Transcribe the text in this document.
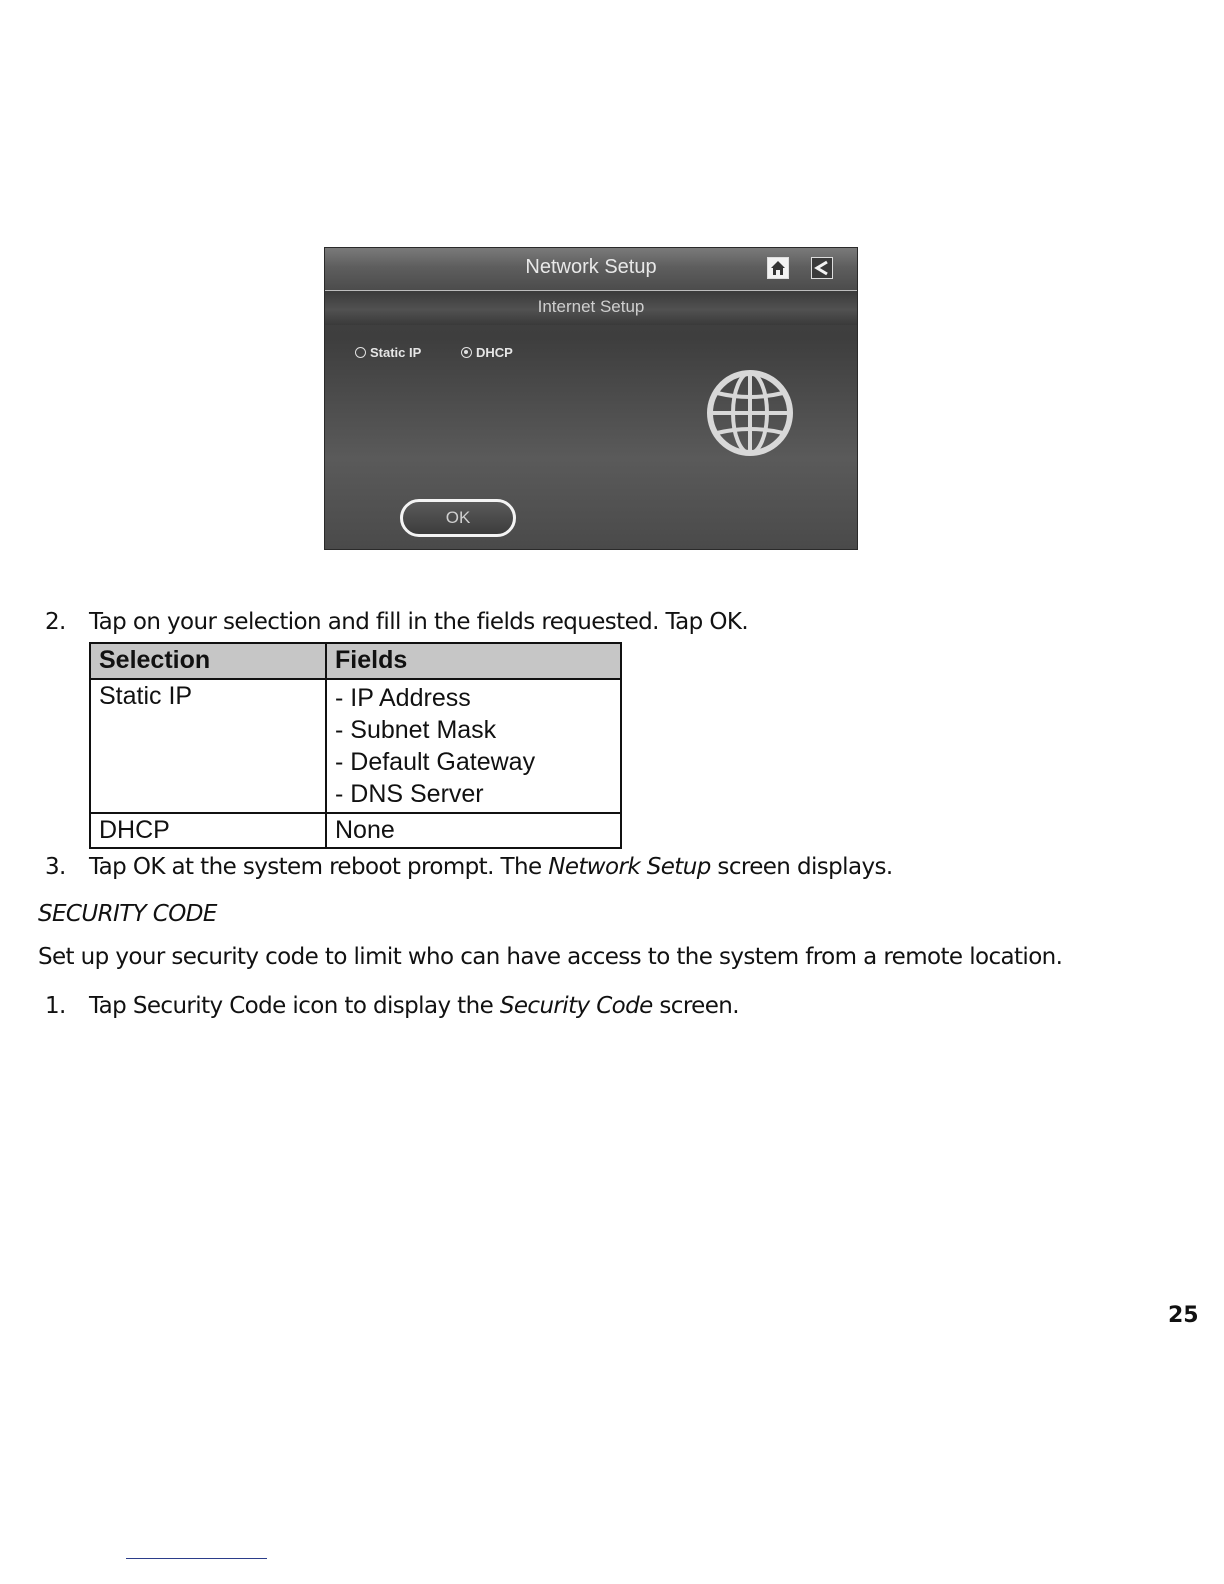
Network Setup
Internet Setup
Static IP	DHCP
OK
2.	Tap on your selection and fill in the fields requested. Tap OK.
Selection	Fields
Static IP	- IP Address
- Subnet Mask
- Default Gateway
- DNS Server

DHCP	None
3.	Tap OK at the system reboot prompt. The Network Setup screen displays.
SECURITY CODE
Set up your security code to limit who can have access to the system from a remote location.
1.	Tap Security Code icon to display the Security Code screen.
25
